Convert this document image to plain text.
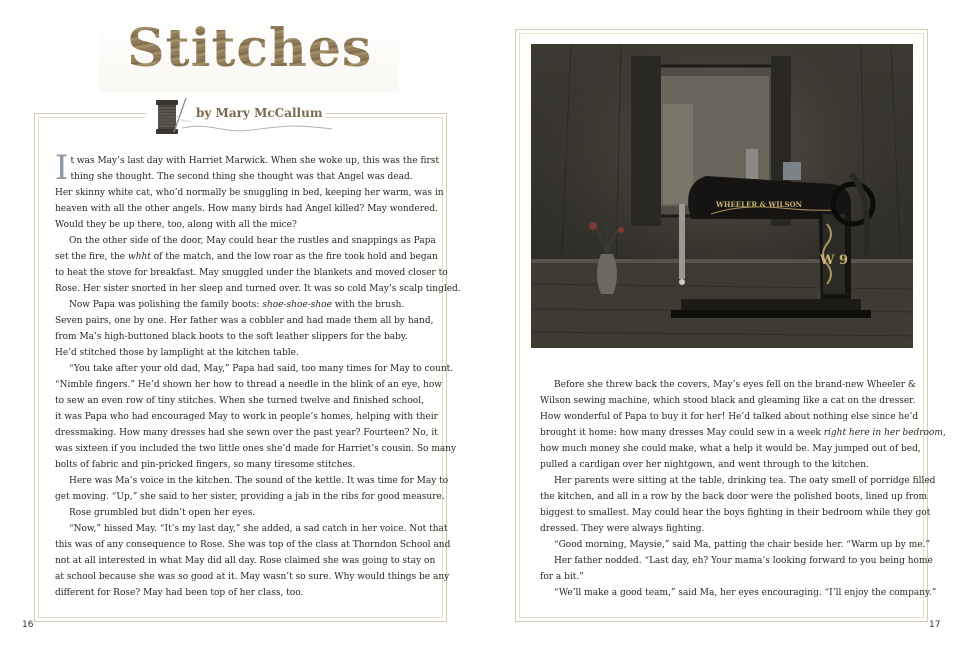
Stitches
by Mary McCallum

It was May’s last day with Harriet Marwick. When she woke up, this was the first

thing she thought. The second thing she thought was that Angel was dead.

Her skinny white cat, who’d normally be snuggling in bed, keeping her warm, was in

heaven with all the other angels. How many birds had Angel killed? May wondered.

Would they be up there, too, along with all the mice?

On the other side of the door, May could hear the rustles and snappings as Papa

set the fire, the whht of the match, and the low roar as the fire took hold and began

to heat the stove for breakfast. May snuggled under the blankets and moved closer to

Rose. Her sister snorted in her sleep and turned over. It was so cold May’s scalp tingled.

Now Papa was polishing the family boots: shoe-shoe-shoe with the brush.

Seven pairs, one by one. Her father was a cobbler and had made them all by hand,

from Ma’s high-buttoned black boots to the soft leather slippers for the baby.

He’d stitched those by lamplight at the kitchen table.

“You take after your old dad, May,” Papa had said, too many times for May to count.

“Nimble fingers.” He’d shown her how to thread a needle in the blink of an eye, how

to sew an even row of tiny stitches. When she turned twelve and finished school,

it was Papa who had encouraged May to work in people’s homes, helping with their

dressmaking. How many dresses had she sewn over the past year? Fourteen? No, it

was sixteen if you included the two little ones she’d made for Harriet’s cousin. So many

bolts of fabric and pin-pricked fingers, so many tiresome stitches.

Here was Ma’s voice in the kitchen. The sound of the kettle. It was time for May to

get moving. “Up,” she said to her sister, providing a jab in the ribs for good measure.

Rose grumbled but didn’t open her eyes.

“Now,” hissed May. “It’s my last day,” she added, a sad catch in her voice. Not that

this was of any consequence to Rose. She was top of the class at Thorndon School and

not at all interested in what May did all day. Rose claimed she was going to stay on

at school because she was so good at it. May wasn’t so sure. Why would things be any

different for Rose? May had been top of her class, too.

W 9
WHEELER & WILSON

Before she threw back the covers, May’s eyes fell on the brand-new Wheeler &

Wilson sewing machine, which stood black and gleaming like a cat on the dresser.

How wonderful of Papa to buy it for her! He’d talked about nothing else since he’d

brought it home: how many dresses May could sew in a week right here in her bedroom,

how much money she could make, what a help it would be. May jumped out of bed,

pulled a cardigan over her nightgown, and went through to the kitchen.

Her parents were sitting at the table, drinking tea. The oaty smell of porridge filled

the kitchen, and all in a row by the back door were the polished boots, lined up from

biggest to smallest. May could hear the boys fighting in their bedroom while they got

dressed. They were always fighting.

“Good morning, Maysie,” said Ma, patting the chair beside her. “Warm up by me.”

Her father nodded. “Last day, eh? Your mama’s looking forward to you being home

for a bit.”

“We’ll make a good team,” said Ma, her eyes encouraging. “I’ll enjoy the company.”

16	17
